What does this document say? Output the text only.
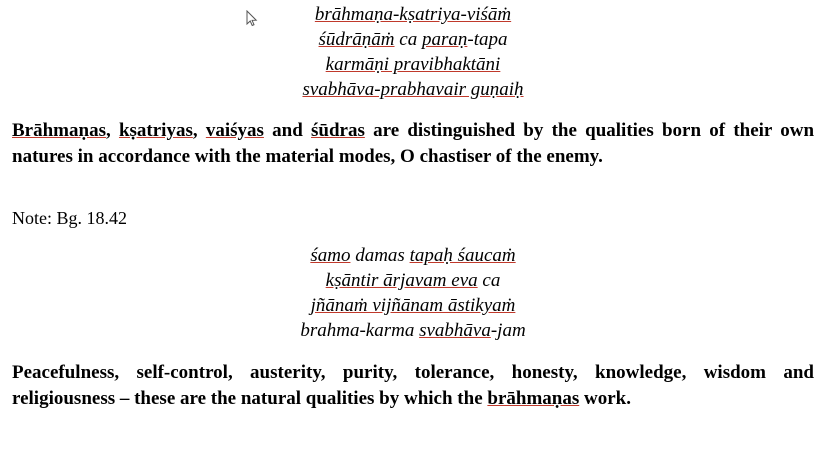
brāhmaṇa-kṣatriya-viśāṁ
śūdrāṇāṁ ca paraṇ-tapa
karmāṇi pravibhaktāni
svabhāva-prabhavair guṇaiḥ
Brāhmaṇas, kṣatriyas, vaiśyas and śūdras are distinguished by the qualities born of their own natures in accordance with the material modes, O chastiser of the enemy.
Note: Bg. 18.42
śamo damas tapaḥ śaucaṁ
kṣāntir ārjavam eva ca
jñānaṁ vijñānam āstikyaṁ
brahma-karma svabhāva-jam
Peacefulness, self-control, austerity, purity, tolerance, honesty, knowledge, wisdom and religiousness – these are the natural qualities by which the brāhmaṇas work.
